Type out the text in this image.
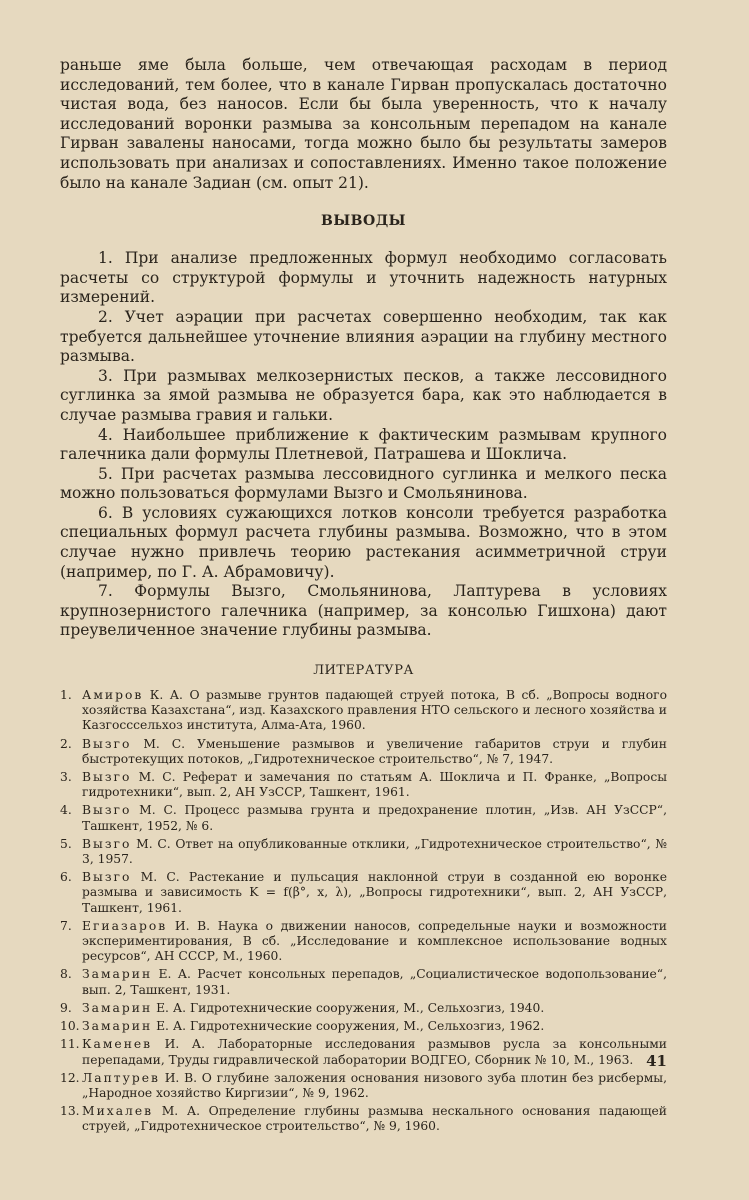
раньше яме была больше, чем отвечающая расходам в период исследований, тем более, что в канале Гирван пропускалась достаточно чистая вода, без наносов. Если бы была уверенность, что к началу исследований воронки размыва за консольным перепадом на канале Гирван завалены наносами, тогда можно было бы результаты замеров использовать при анализах и сопоставлениях. Именно такое положение было на канале Задиан (см. опыт 21).

ВЫВОДЫ

1. При анализе предложенных формул необходимо согласовать расчеты со структурой формулы и уточнить надежность натурных измерений.

2. Учет аэрации при расчетах совершенно необходим, так как требуется дальнейшее уточнение влияния аэрации на глубину местного размыва.

3. При размывах мелкозернистых песков, а также лессовидного суглинка за ямой размыва не образуется бара, как это наблюдается в случае размыва гравия и гальки.

4. Наибольшее приближение к фактическим размывам крупного галечника дали формулы Плетневой, Патрашева и Шоклича.

5. При расчетах размыва лессовидного суглинка и мелкого песка можно пользоваться формулами Вызго и Смольянинова.

6. В условиях сужающихся лотков консоли требуется разработка специальных формул расчета глубины размыва. Возможно, что в этом случае нужно привлечь теорию растекания асимметричной струи (например, по Г. А. Абрамовичу).

7. Формулы Вызго, Смольянинова, Лаптурева в условиях крупнозернистого галечника (например, за консолью Гишхона) дают преувеличенное значение глубины размыва.

ЛИТЕРАТУРА
1. Амиров К. А. О размыве грунтов падающей струей потока, В сб. „Вопросы водного хозяйства Казахстана“, изд. Казахского правления НТО сельского и лесного хозяйства и Казгосссельхоз института, Алма-Ата, 1960.
2. Вызго М. С. Уменьшение размывов и увеличение габаритов струи и глубин быстротекущих потоков, „Гидротехническое строительство“, № 7, 1947.
3. Вызго М. С. Реферат и замечания по статьям А. Шоклича и П. Франке, „Вопросы гидротехники“, вып. 2, АН УзССР, Ташкент, 1961.
4. Вызго М. С. Процесс размыва грунта и предохранение плотин, „Изв. АН УзССР“, Ташкент, 1952, № 6.
5. Вызго М. С. Ответ на опубликованные отклики, „Гидротехническое строительство“, № 3, 1957.
6. Вызго М. С. Растекание и пульсация наклонной струи в созданной ею воронке размыва и зависимость K = f(β°, x, λ), „Вопросы гидротехники“, вып. 2, АН УзССР, Ташкент, 1961.
7. Егиазаров И. В. Наука о движении наносов, сопредельные науки и возможности экспериментирования, В сб. „Исследование и комплексное использование водных ресурсов“, АН СССР, М., 1960.
8. Замарин Е. А. Расчет консольных перепадов, „Социалистическое водопользование“, вып. 2, Ташкент, 1931.
9. Замарин Е. А. Гидротехнические сооружения, М., Сельхозгиз, 1940.
10. Замарин Е. А. Гидротехнические сооружения, М., Сельхозгиз, 1962.
11. Каменев И. А. Лабораторные исследования размывов русла за консольными перепадами, Труды гидравлической лаборатории ВОДГЕО, Сборник № 10, М., 1963.
12. Лаптурев И. В. О глубине заложения основания низового зуба плотин без рисбермы, „Народное хозяйство Киргизии“, № 9, 1962.
13. Михалев М. А. Определение глубины размыва нескального основания падающей струей, „Гидротехническое строительство“, № 9, 1960.
41
